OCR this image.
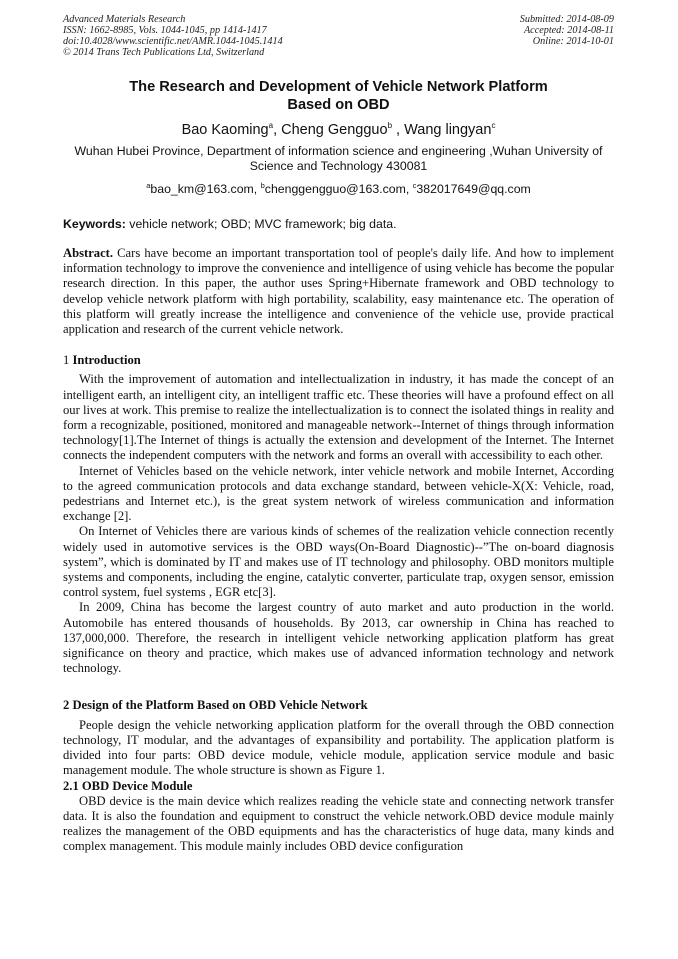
Advanced Materials Research
ISSN: 1662-8985, Vols. 1044-1045, pp 1414-1417
doi:10.4028/www.scientific.net/AMR.1044-1045.1414
© 2014 Trans Tech Publications Ltd, Switzerland
Submitted: 2014-08-09
Accepted: 2014-08-11
Online: 2014-10-01
The Research and Development of Vehicle Network Platform
Based on OBD
Bao Kaoming$^a$, Cheng Gengguo$^b$ , Wang lingyan$^c$
Wuhan Hubei Province, Department of information science and engineering ,Wuhan University of
Science and Technology 430081
$^a$bao_km@163.com, $^b$chenggengguo@163.com, $^c$382017649@qq.com
Keywords: vehicle network; OBD; MVC framework; big data.
Abstract. Cars have become an important transportation tool of people's daily life. And how to implement information technology to improve the convenience and intelligence of using vehicle has become the popular research direction. In this paper, the author uses Spring+Hibernate framework and OBD technology to develop vehicle network platform with high portability, scalability, easy maintenance etc. The operation of this platform will greatly increase the intelligence and convenience of the vehicle use, provide practical application and research of the current vehicle network.
1 Introduction

With the improvement of automation and intellectualization in industry, it has made the concept of an intelligent earth, an intelligent city, an intelligent traffic etc. These theories will have a profound effect on all our lives at work. This premise to realize the intellectualization is to connect the isolated things in reality and form a recognizable, positioned, monitored and manageable network--Internet of things through information technology[1].The Internet of things is actually the extension and development of the Internet. The Internet connects the independent computers with the network and forms an overall with accessibility to each other.

Internet of Vehicles based on the vehicle network, inter vehicle network and mobile Internet, According to the agreed communication protocols and data exchange standard, between vehicle-X(X: Vehicle, road, pedestrians and Internet etc.), is the great system network of wireless communication and information exchange [2].

On Internet of Vehicles there are various kinds of schemes of the realization vehicle connection recently widely used in automotive services is the OBD ways(On-Board Diagnostic)--”The on-board diagnosis system”, which is dominated by IT and makes use of IT technology and philosophy. OBD monitors multiple systems and components, including the engine, catalytic converter, particulate trap, oxygen sensor, emission control system, fuel systems , EGR etc[3].

In 2009, China has become the largest country of auto market and auto production in the world. Automobile has entered thousands of households. By 2013, car ownership in China has reached to 137,000,000. Therefore, the research in intelligent vehicle networking application platform has great significance on theory and practice, which makes use of advanced information technology and network technology.

2 Design of the Platform Based on OBD Vehicle Network

People design the vehicle networking application platform for the overall through the OBD connection technology, IT modular, and the advantages of expansibility and portability. The application platform is divided into four parts: OBD device module, vehicle module, application service module and basic management module. The whole structure is shown as Figure 1.

2.1 OBD Device Module

OBD device is the main device which realizes reading the vehicle state and connecting network transfer data. It is also the foundation and equipment to construct the vehicle network.OBD device module mainly realizes the management of the OBD equipments and has the characteristics of huge data, many kinds and complex management. This module mainly includes OBD device configuration
